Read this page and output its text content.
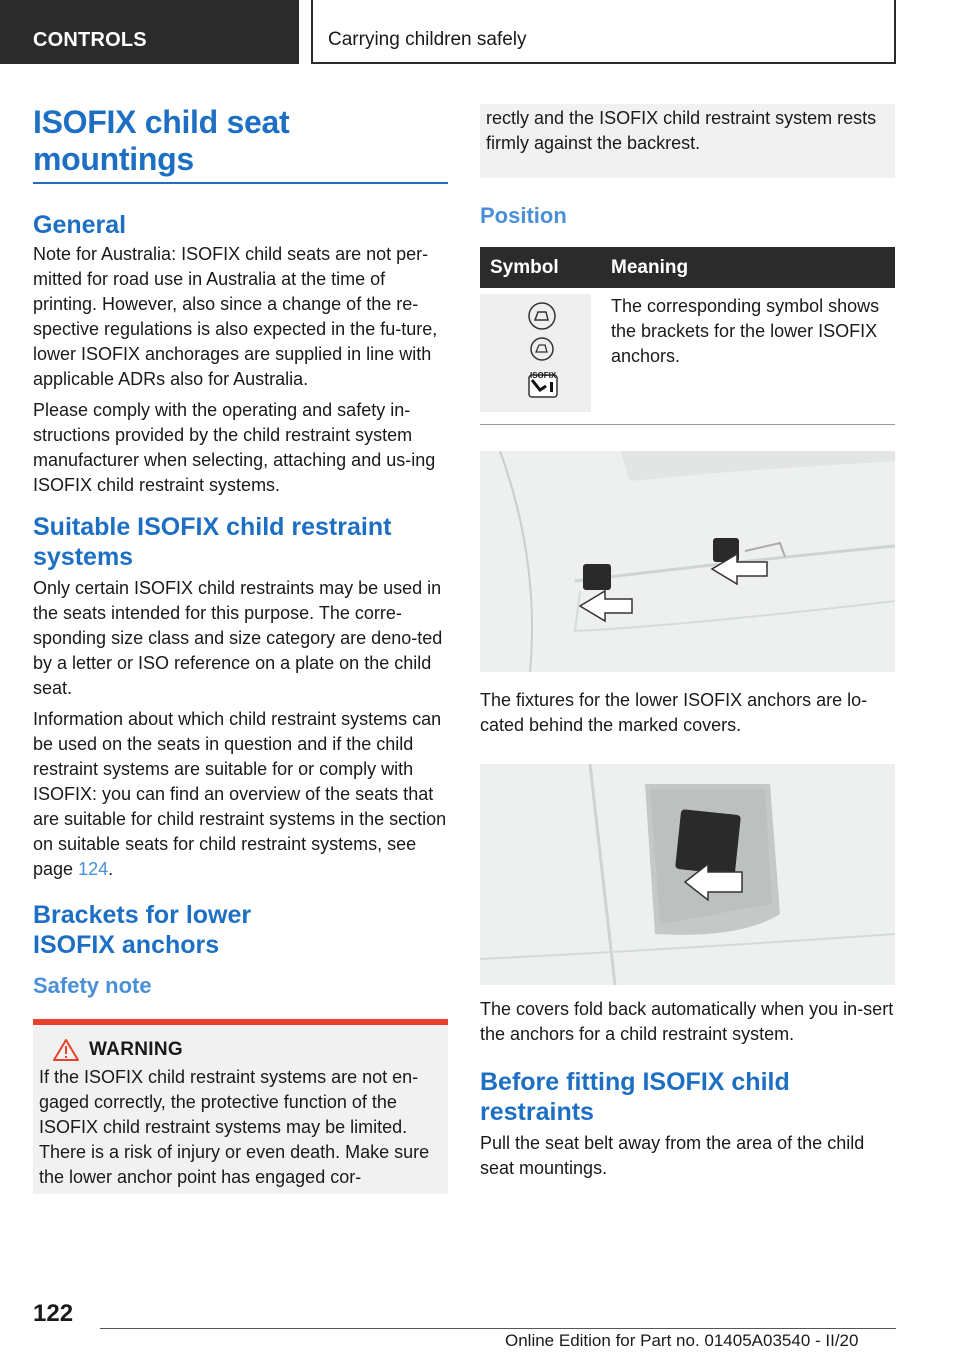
CONTROLS	Carrying children safely
ISOFIX child seat mountings
General

Note for Australia: ISOFIX child seats are not per-mitted for road use in Australia at the time of printing. However, also since a change of the re-spective regulations is also expected in the fu-ture, lower ISOFIX anchorages are supplied in line with applicable ADRs also for Australia.

Please comply with the operating and safety in-structions provided by the child restraint system manufacturer when selecting, attaching and us-ing ISOFIX child restraint systems.

Suitable ISOFIX child restraint systems

Only certain ISOFIX child restraints may be used in the seats intended for this purpose. The corre-sponding size class and size category are deno-ted by a letter or ISO reference on a plate on the child seat.

Information about which child restraint systems can be used on the seats in question and if the child restraint systems are suitable for or comply with ISOFIX: you can find an overview of the seats that are suitable for child restraint systems in the section on suitable seats for child restraint systems, see page 124.

Brackets for lower ISOFIX anchors
Safety note
WARNING

If the ISOFIX child restraint systems are not en-gaged correctly, the protective function of the ISOFIX child restraint systems may be limited. There is a risk of injury or even death. Make sure the lower anchor point has engaged cor-

rectly and the ISOFIX child restraint system rests firmly against the backrest.

Position
Symbol	Meaning

ISOFIX	The corresponding symbol shows the brackets for the lower ISOFIX anchors.

The fixtures for the lower ISOFIX anchors are lo-cated behind the marked covers.

The covers fold back automatically when you in-sert the anchors for a child restraint system.

Before fitting ISOFIX child restraints

Pull the seat belt away from the area of the child seat mountings.

122
Online Edition for Part no. 01405A03540 - II/20
